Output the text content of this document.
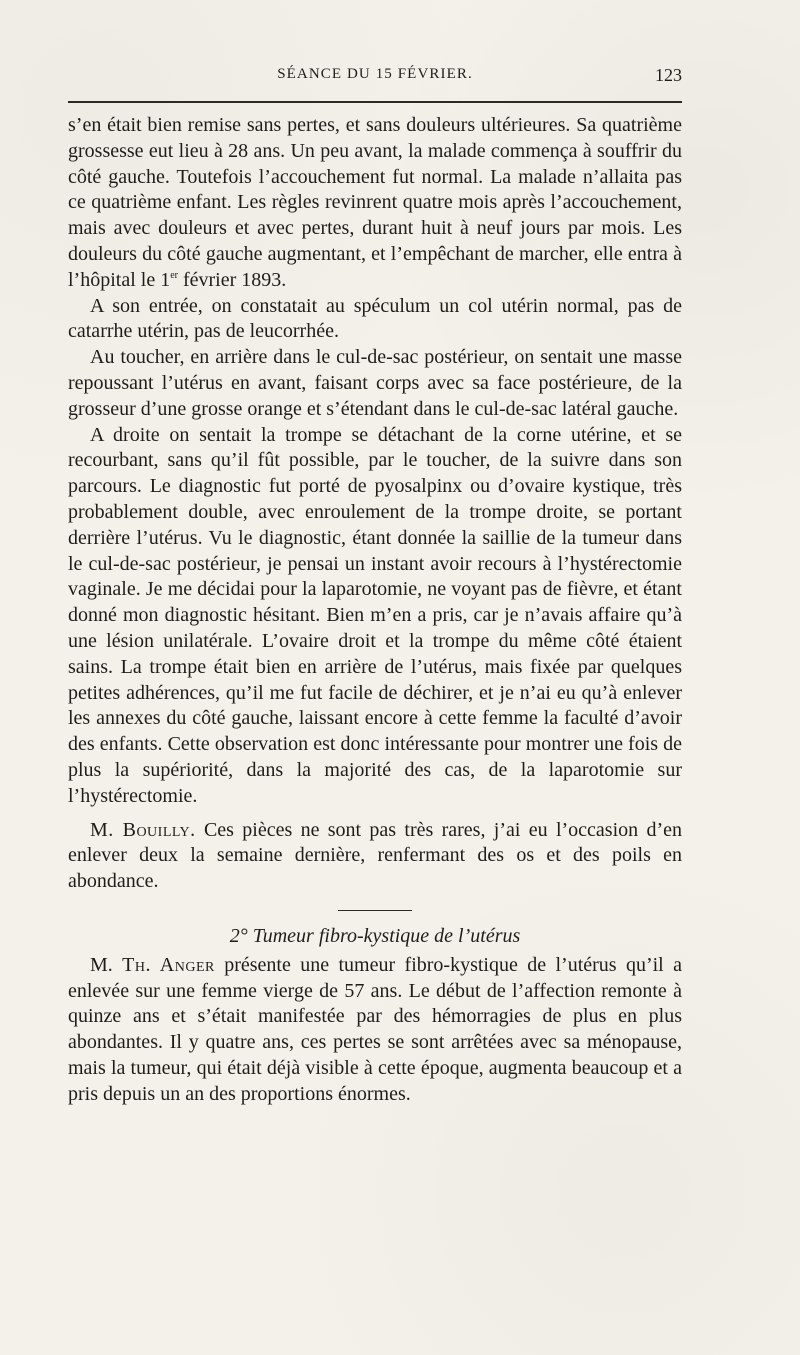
SÉANCE DU 15 FÉVRIER.	123

s’en était bien remise sans pertes, et sans douleurs ultérieures. Sa quatrième grossesse eut lieu à 28 ans. Un peu avant, la malade commença à souffrir du côté gauche. Toutefois l’accouchement fut normal. La malade n’allaita pas ce quatrième enfant. Les règles revinrent quatre mois après l’accouchement, mais avec douleurs et avec pertes, durant huit à neuf jours par mois. Les douleurs du côté gauche augmentant, et l’empêchant de marcher, elle entra à l’hôpital le 1er février 1893.

A son entrée, on constatait au spéculum un col utérin normal, pas de catarrhe utérin, pas de leucorrhée.

Au toucher, en arrière dans le cul-de-sac postérieur, on sentait une masse repoussant l’utérus en avant, faisant corps avec sa face postérieure, de la grosseur d’une grosse orange et s’étendant dans le cul-de-sac latéral gauche.

A droite on sentait la trompe se détachant de la corne utérine, et se recourbant, sans qu’il fût possible, par le toucher, de la suivre dans son parcours. Le diagnostic fut porté de pyosalpinx ou d’ovaire kystique, très probablement double, avec enroulement de la trompe droite, se portant derrière l’utérus. Vu le diagnostic, étant donnée la saillie de la tumeur dans le cul-de-sac postérieur, je pensai un instant avoir recours à l’hystérectomie vaginale. Je me décidai pour la laparotomie, ne voyant pas de fièvre, et étant donné mon diagnostic hésitant. Bien m’en a pris, car je n’avais affaire qu’à une lésion unilatérale. L’ovaire droit et la trompe du même côté étaient sains. La trompe était bien en arrière de l’utérus, mais fixée par quelques petites adhérences, qu’il me fut facile de déchirer, et je n’ai eu qu’à enlever les annexes du côté gauche, laissant encore à cette femme la faculté d’avoir des enfants. Cette observation est donc intéressante pour montrer une fois de plus la supériorité, dans la majorité des cas, de la laparotomie sur l’hystérectomie.

M. Bouilly. Ces pièces ne sont pas très rares, j’ai eu l’occasion d’en enlever deux la semaine dernière, renfermant des os et des poils en abondance.

2° Tumeur fibro-kystique de l’utérus

M. Th. Anger présente une tumeur fibro-kystique de l’utérus qu’il a enlevée sur une femme vierge de 57 ans. Le début de l’affection remonte à quinze ans et s’était manifestée par des hémorragies de plus en plus abondantes. Il y quatre ans, ces pertes se sont arrêtées avec sa ménopause, mais la tumeur, qui était déjà visible à cette époque, augmenta beaucoup et a pris depuis un an des proportions énormes.
